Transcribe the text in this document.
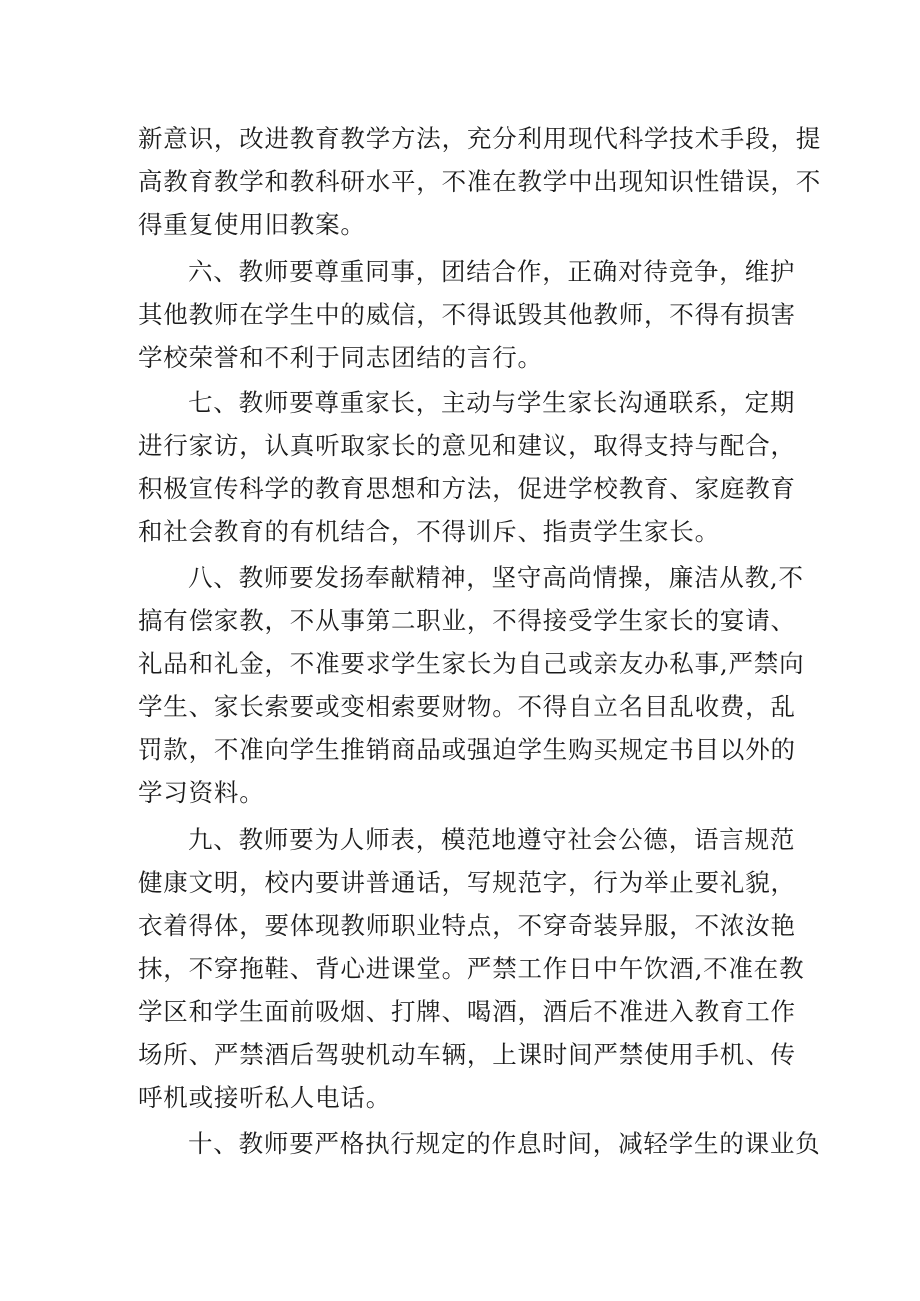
新意识，改进教育教学方法，充分利用现代科学技术手段，提
高教育教学和教科研水平，不准在教学中出现知识性错误，不
得重复使用旧教案。
六、教师要尊重同事，团结合作，正确对待竞争，维护
其他教师在学生中的威信，不得诋毁其他教师，不得有损害
学校荣誉和不利于同志团结的言行。
七、教师要尊重家长，主动与学生家长沟通联系，定期
进行家访，认真听取家长的意见和建议，取得支持与配合，
积极宣传科学的教育思想和方法，促进学校教育、家庭教育
和社会教育的有机结合，不得训斥、指责学生家长。
八、教师要发扬奉献精神，坚守高尚情操，廉洁从教,不
搞有偿家教，不从事第二职业，不得接受学生家长的宴请、
礼品和礼金，不准要求学生家长为自己或亲友办私事,严禁向
学生、家长索要或变相索要财物。不得自立名目乱收费，乱
罚款，不准向学生推销商品或强迫学生购买规定书目以外的
学习资料。
九、教师要为人师表，模范地遵守社会公德，语言规范
健康文明，校内要讲普通话，写规范字，行为举止要礼貌，
衣着得体，要体现教师职业特点，不穿奇装异服，不浓汝艳
抹，不穿拖鞋、背心进课堂。严禁工作日中午饮酒,不准在教
学区和学生面前吸烟、打牌、喝酒，酒后不准进入教育工作
场所、严禁酒后驾驶机动车辆，上课时间严禁使用手机、传
呼机或接听私人电话。
十、教师要严格执行规定的作息时间，减轻学生的课业负
